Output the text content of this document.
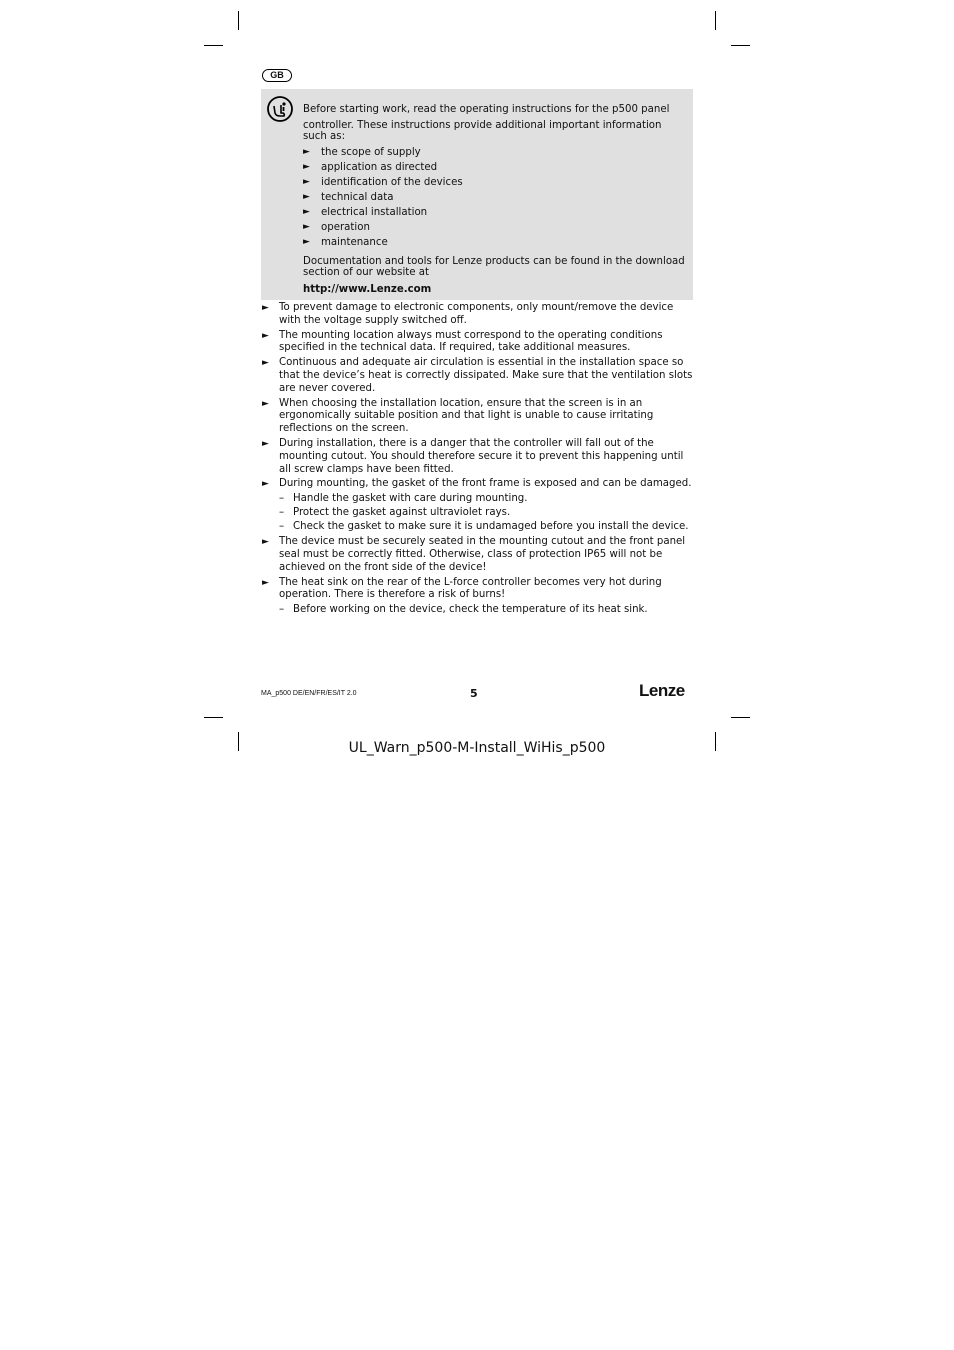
GB

Before starting work, read the operating instructions for the p500 panel

controller. These instructions provide additional important information such as:

► the scope of supply
► application as directed
► identification of the devices
► technical data
► electrical installation
► operation
► maintenance

Documentation and tools for Lenze products can be found in the download section of our website at

http://www.Lenze.com

► To prevent damage to electronic components, only mount/remove the device with the voltage supply switched off.
► The mounting location always must correspond to the operating conditions specified in the technical data. If required, take additional measures.
► Continuous and adequate air circulation is essential in the installation space so that the device’s heat is correctly dissipated. Make sure that the ventilation slots are never covered.
► When choosing the installation location, ensure that the screen is in an ergonomically suitable position and that light is unable to cause irritating reflections on the screen.
► During installation, there is a danger that the controller will fall out of the mounting cutout. You should therefore secure it to prevent this happening until all screw clamps have been fitted.
► During mounting, the gasket of the front frame is exposed and can be damaged.
– Handle the gasket with care during mounting.
– Protect the gasket against ultraviolet rays.
– Check the gasket to make sure it is undamaged before you install the device.
► The device must be securely seated in the mounting cutout and the front panel seal must be correctly fitted. Otherwise, class of protection IP65 will not be achieved on the front side of the device!
► The heat sink on the rear of the L-force controller becomes very hot during operation. There is therefore a risk of burns!
– Before working on the device, check the temperature of its heat sink.
MA_p500 DE/EN/FR/ES/IT 2.0	5	Lenze
UL_Warn_p500-M-Install_WiHis_p500
